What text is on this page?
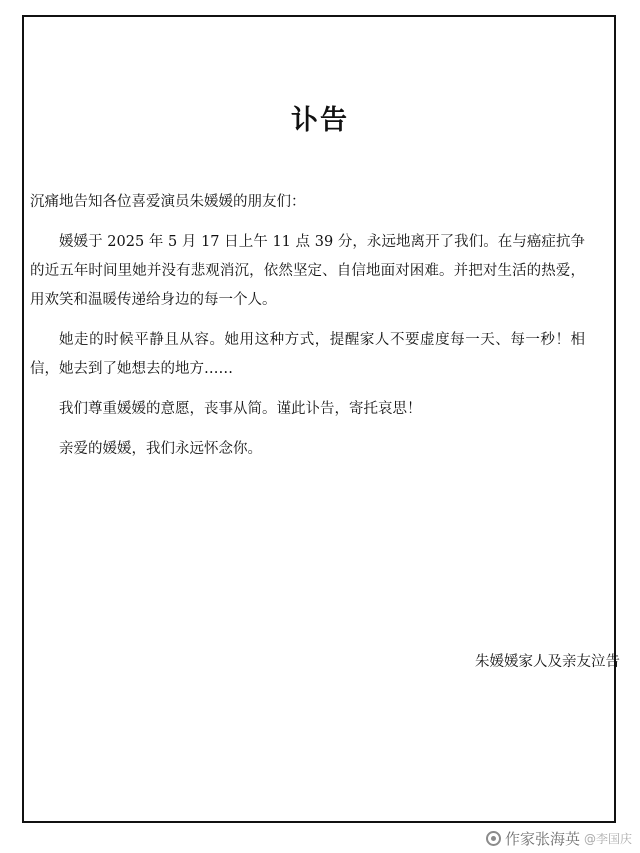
讣告

沉痛地告知各位喜爱演员朱媛媛的朋友们：

媛媛于 2025 年 5 月 17 日上午 11 点 39 分，永远地离开了我们。在与癌症抗争的近五年时间里她并没有悲观消沉，依然坚定、自信地面对困难。并把对生活的热爱，用欢笑和温暖传递给身边的每一个人。

她走的时候平静且从容。她用这种方式，提醒家人不要虚度每一天、每一秒！相信，她去到了她想去的地方……

我们尊重媛媛的意愿，丧事从简。谨此讣告，寄托哀思！

亲爱的媛媛，我们永远怀念你。

朱媛媛家人及亲友泣告
作家张海英 @李国庆
